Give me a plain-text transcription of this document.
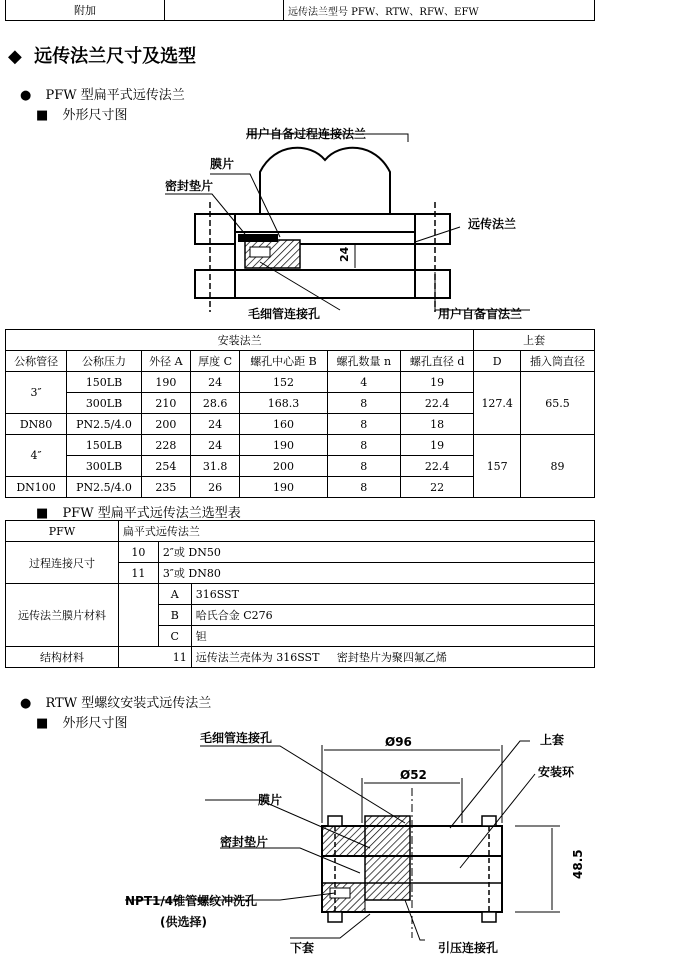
附加		远传法兰型号 PFW、RTW、RFW、EFW
◆ 远传法兰尺寸及选型
● PFW 型扁平式远传法兰
■ 外形尺寸图
24
用户自备过程连接法兰
膜片
密封垫片
远传法兰
毛细管连接孔	用户自备盲法兰
安装法兰							上套	
公称管径	公称压力	外径 A	厚度 C	螺孔中心距 B	螺孔数量 n	螺孔直径 d	D	插入筒直径
3″	150LB	190	24	152	4	19	127.4	65.5
	300LB	210	28.6	168.3	8	22.4		
DN80	PN2.5/4.0	200	24	160	8	18		
4″	150LB	228	24	190	8	19	157	89
	300LB	254	31.8	200	8	22.4		
DN100	PN2.5/4.0	235	26	190	8	22		
■ PFW 型扁平式远传法兰选型表
PFW	扁平式远传法兰		
过程连接尺寸	10	2″或 DN50	
	11	3″或 DN80	
远传法兰膜片材料		A	316SST
		B	哈氏合金 C276
		C	钽
结构材料	11		远传法兰壳体为 316SST     密封垫片为聚四氟乙烯
● RTW 型螺纹安装式远传法兰
■ 外形尺寸图
Ø96
Ø52
48.5
毛细管连接孔	上套
安装环
膜片
密封垫片
NPT1/4锥管螺纹冲洗孔
(供选择)
下套	引压连接孔
